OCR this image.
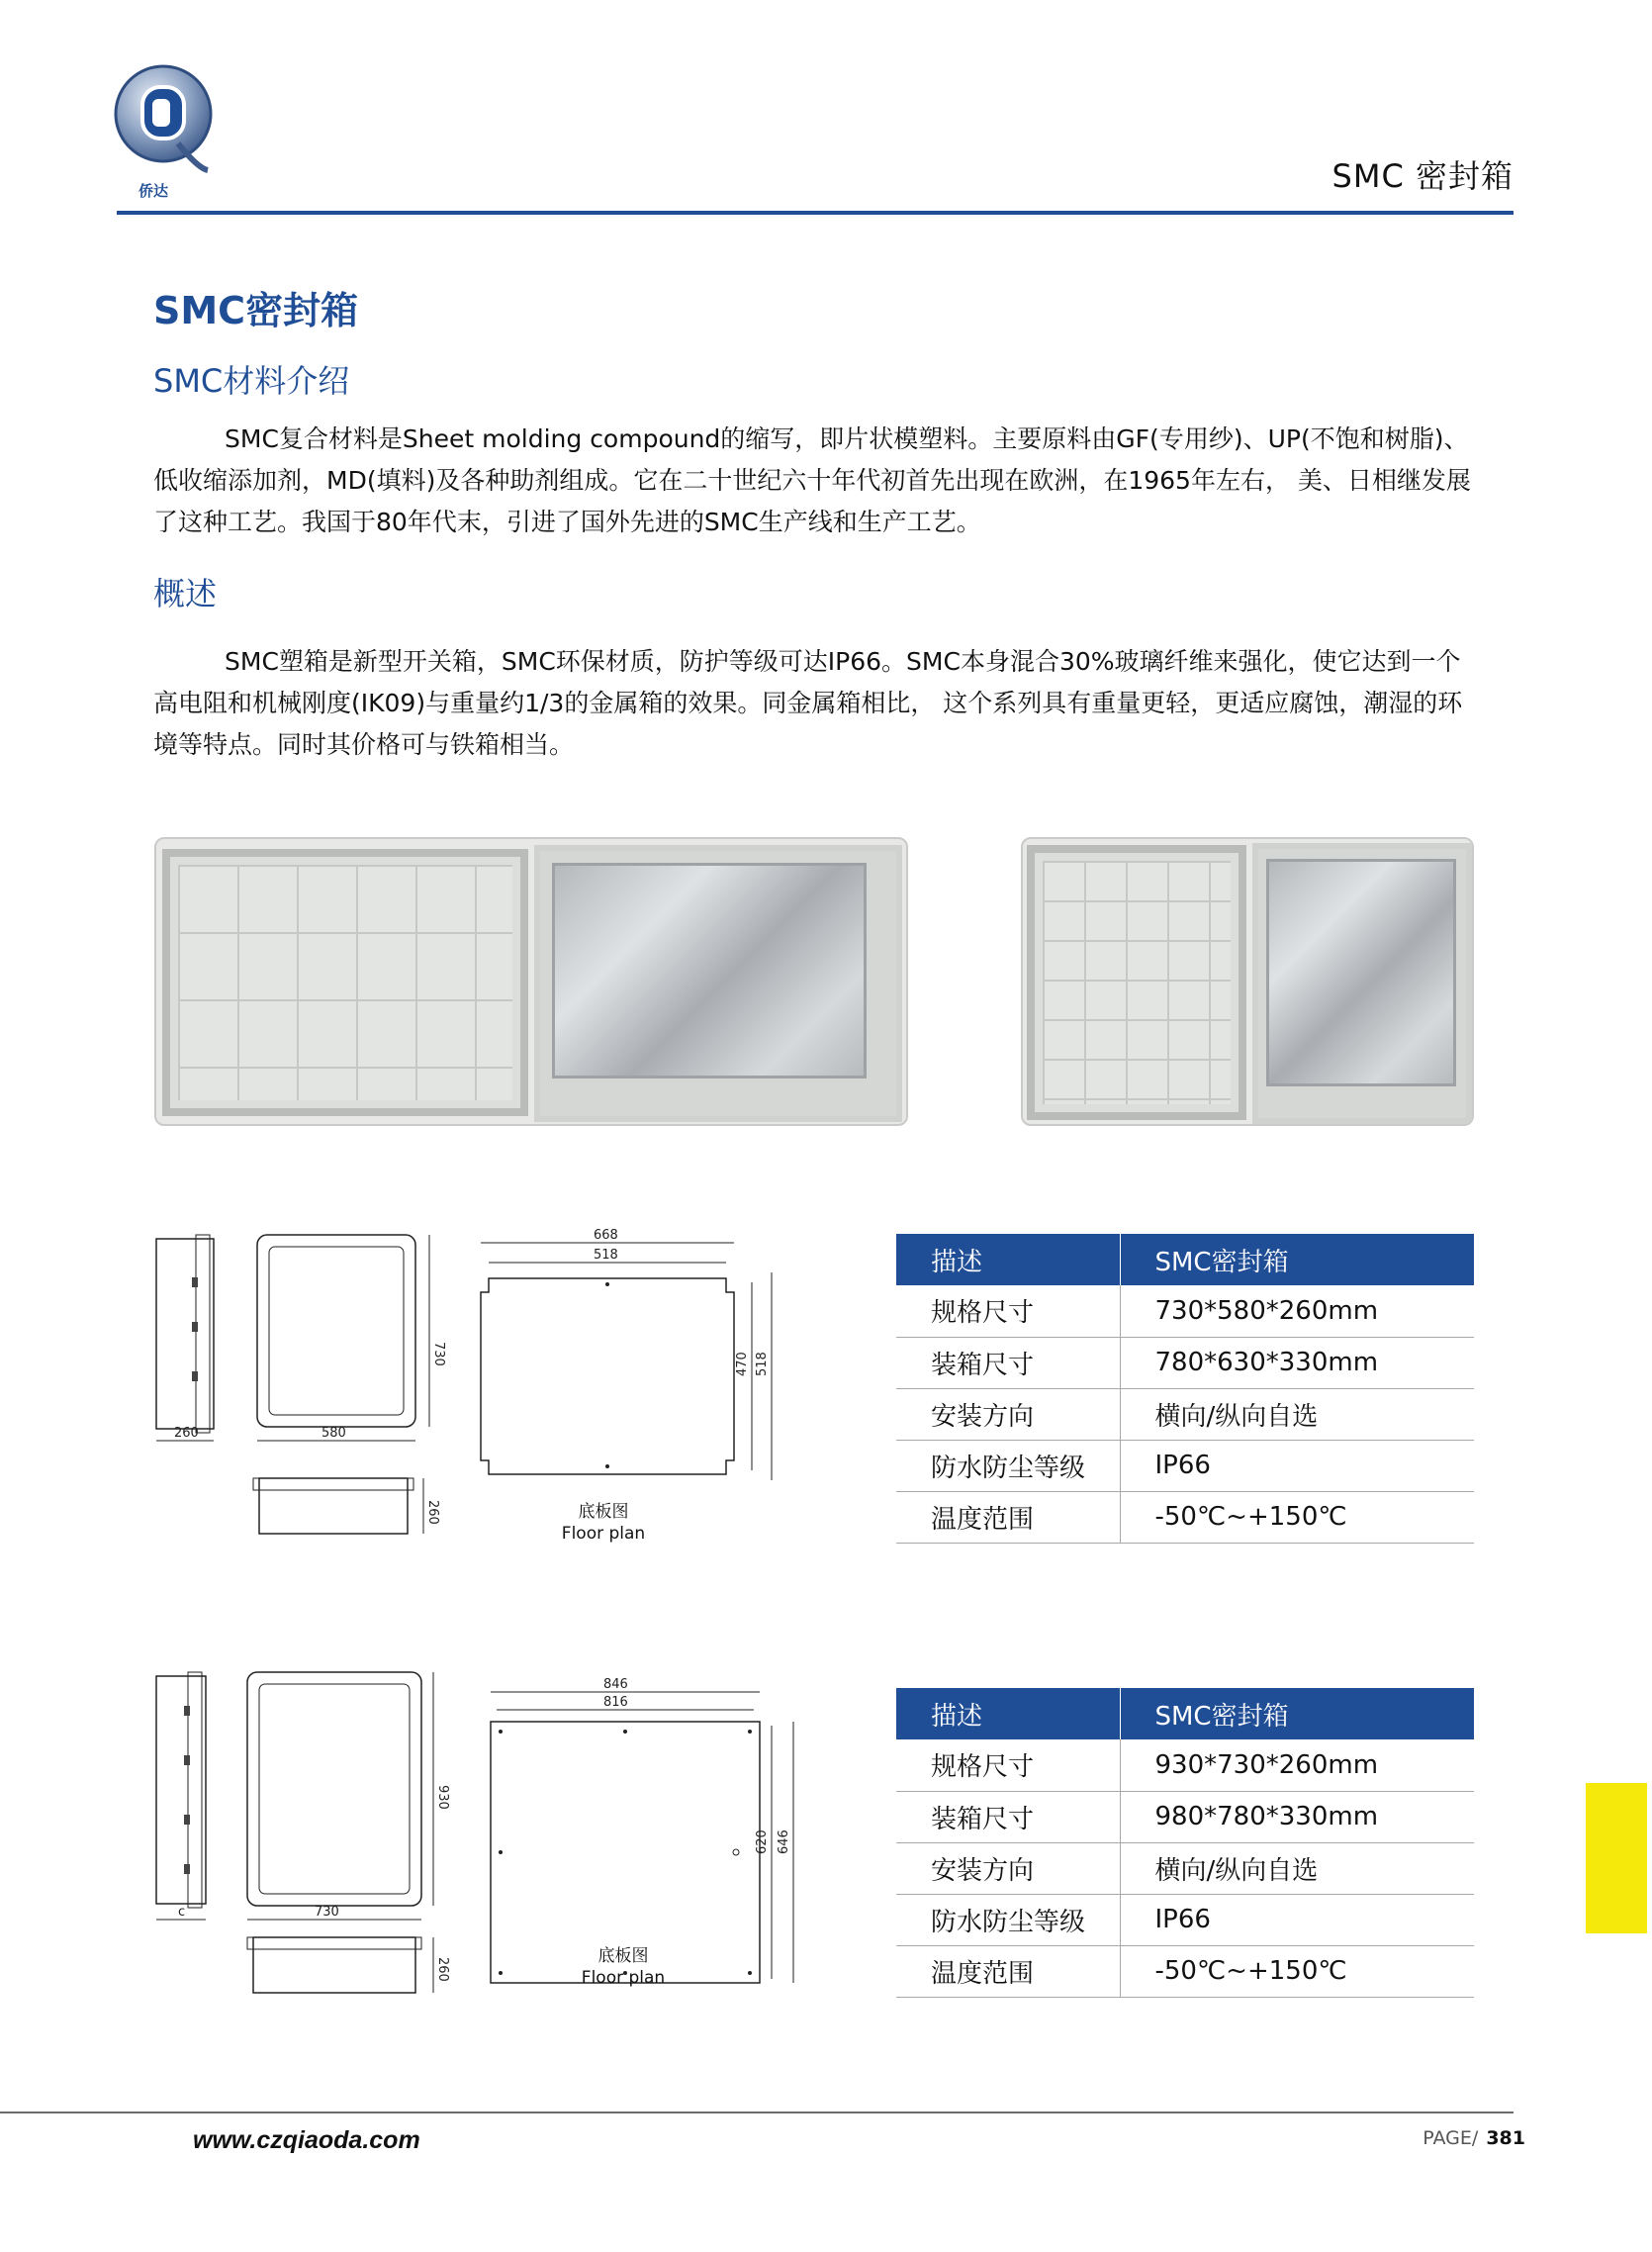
侨达	SMC 密封箱
SMC密封箱
SMC材料介绍
SMC复合材料是Sheet molding compound的缩写，即片状模塑料。主要原料由GF(专用纱)、UP(不饱和树脂)、低收缩添加剂，MD(填料)及各种助剂组成。它在二十世纪六十年代初首先出现在欧洲，在1965年左右， 美、日相继发展了这种工艺。我国于80年代末，引进了国外先进的SMC生产线和生产工艺。
概述
SMC塑箱是新型开关箱，SMC环保材质，防护等级可达IP66。SMC本身混合30%玻璃纤维来强化，使它达到一个高电阻和机械刚度(IK09)与重量约1/3的金属箱的效果。同金属箱相比， 这个系列具有重量更轻，更适应腐蚀，潮湿的环境等特点。同时其价格可与铁箱相当。
260	580
730
260
668
518
470 518
底板图
Floor plan
描述	SMC密封箱
规格尺寸	730*580*260mm
装箱尺寸	780*630*330mm
安装方向	横向/纵向自选
防水防尘等级	IP66
温度范围	-50℃~+150℃
c	730
930
260
846
816
620 646
底板图
Floor plan
描述	SMC密封箱
规格尺寸	930*730*260mm
装箱尺寸	980*780*330mm
安装方向	横向/纵向自选
防水防尘等级	IP66
温度范围	-50℃~+150℃
www.czqiaoda.com	PAGE/ 381
